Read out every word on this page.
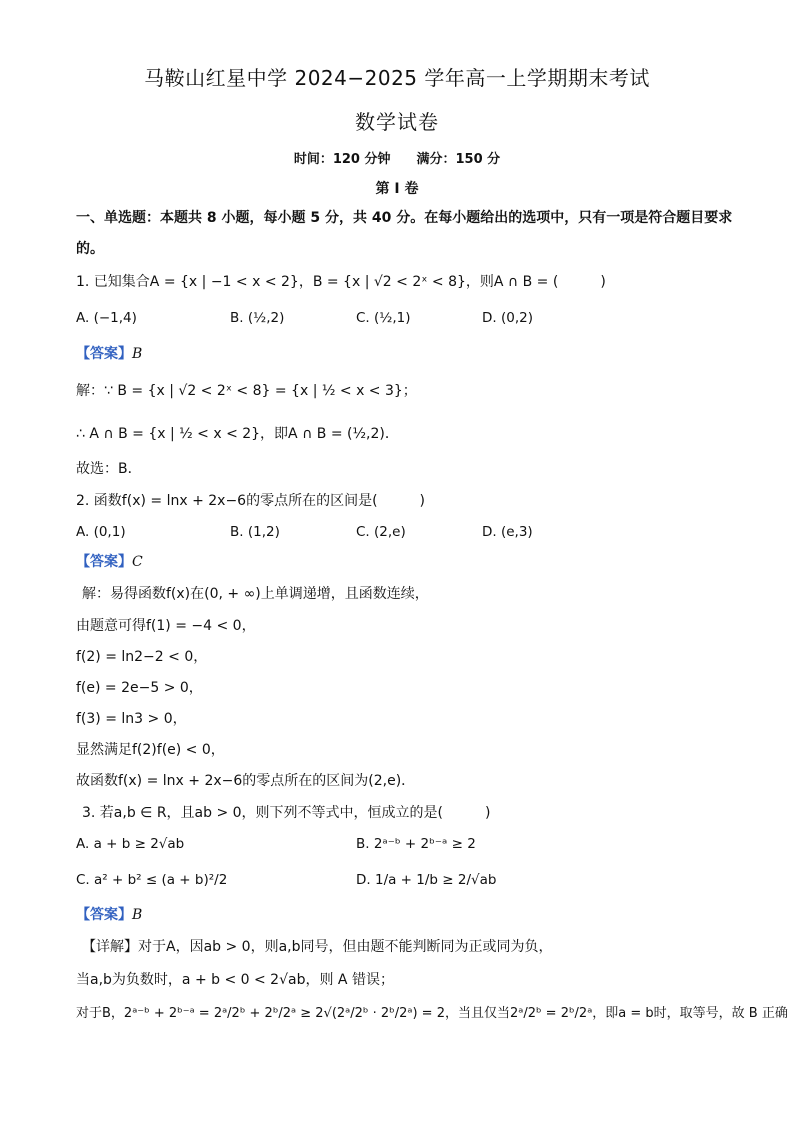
马鞍山红星中学 2024−2025 学年高一上学期期末考试
数学试卷
时间：120 分钟　　满分：150 分
第 I 卷
一、单选题：本题共 8 小题，每小题 5 分，共 40 分。在每小题给出的选项中，只有一项是符合题目要求
的。
1. 已知集合A = {x | −1 < x < 2}，B = {x | √2 < 2ˣ < 8}，则A ∩ B = (　　　)
A. (−1,4)	B. (½,2)	C. (½,1)	D. (0,2)
【答案】B
解：∵ B = {x | √2 < 2ˣ < 8} = {x | ½ < x < 3}；
∴ A ∩ B = {x | ½ < x < 2}，即A ∩ B = (½,2)．
故选：B．
2. 函数f(x) = lnx + 2x−6的零点所在的区间是(　　　)
A. (0,1)	B. (1,2)	C. (2,e)	D. (e,3)
【答案】C
解：易得函数f(x)在(0, + ∞)上单调递增，且函数连续，
由题意可得f(1) = −4 < 0，
f(2) = ln2−2 < 0，
f(e) = 2e−5 > 0，
f(3) = ln3 > 0，
显然满足f(2)f(e) < 0，
故函数f(x) = lnx + 2x−6的零点所在的区间为(2,e)．
3. 若a,b ∈ R，且ab > 0，则下列不等式中，恒成立的是(　　　)
A. a + b ≥ 2√ab	B. 2ᵃ⁻ᵇ + 2ᵇ⁻ᵃ ≥ 2
C. a² + b² ≤ (a + b)²/2	D. 1/a + 1/b ≥ 2/√ab
【答案】B
【详解】对于A，因ab > 0，则a,b同号，但由题不能判断同为正或同为负，
当a,b为负数时，a + b < 0 < 2√ab，则 A 错误；
对于B，2ᵃ⁻ᵇ + 2ᵇ⁻ᵃ = 2ᵃ/2ᵇ + 2ᵇ/2ᵃ ≥ 2√(2ᵃ/2ᵇ · 2ᵇ/2ᵃ) = 2，当且仅当2ᵃ/2ᵇ = 2ᵇ/2ᵃ，即a = b时，取等号，故 B 正确
